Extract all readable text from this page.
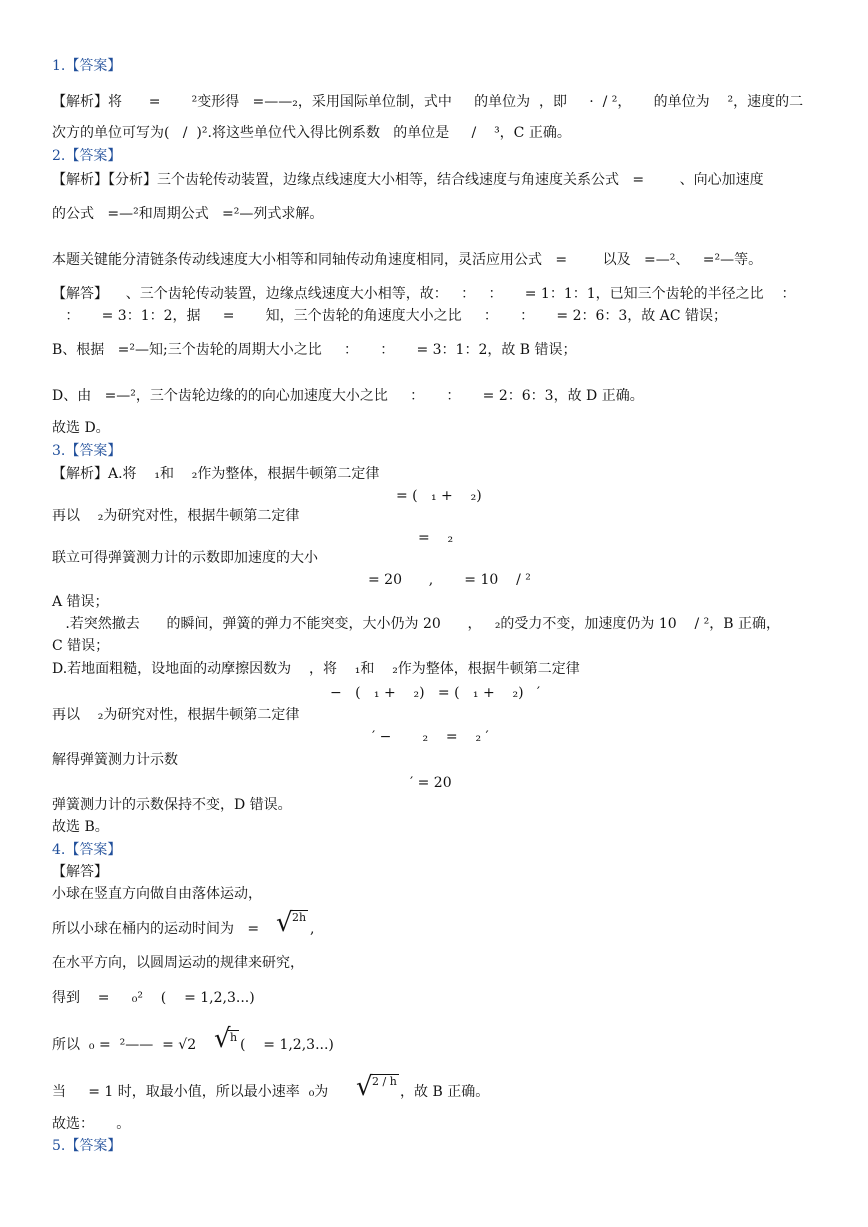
1.【答案】
【解析】将      =       ²变形得   =——₂，采用国际单位制，式中     的单位为  ，即     ·  / ²，     的单位为    ²，速度的二
次方的单位可写为(   /  )².将这些单位代入得比例系数   的单位是     /    ³，C 正确。
2.【答案】
【解析】【分析】三个齿轮传动装置，边缘点线速度大小相等，结合线速度与角速度关系公式   =        、向心加速度
的公式   =—²和周期公式   =²—列式求解。
本题关键能分清链条传动线速度大小相等和同轴传动角速度相同，灵活应用公式   =        以及   =—²、   =²—等。
【解答】    、三个齿轮传动装置，边缘点线速度大小相等，故：   ：   ：     = 1：1：1，已知三个齿轮的半径之比    ：
：     = 3：1：2，据     =       知，三个齿轮的角速度大小之比     ：     ：     = 2：6：3，故 AC 错误；
B、根据   =²—知;三个齿轮的周期大小之比     ：     ：     = 3：1：2，故 B 错误；
D、由   =—²，三个齿轮边缘的的向心加速度大小之比     ：     ：     = 2：6：3，故 D 正确。
故选 D。
3.【答案】
【解析】A.将    ₁和    ₂作为整体，根据牛顿第二定律
= (   ₁ +    ₂)
再以    ₂为研究对性，根据牛顿第二定律
=    ₂
联立可得弹簧测力计的示数即加速度的大小
= 20      ,       = 10    / ²
A 错误；
.若突然撤去      的瞬间，弹簧的弹力不能突变，大小仍为 20      ，   ₂的受力不变，加速度仍为 10    / ²，B 正确，
C 错误；
D.若地面粗糙，设地面的动摩擦因数为    ，将    ₁和    ₂作为整体，根据牛顿第二定律
−   (   ₁ +    ₂)   = (   ₁ +    ₂)   ′
再以    ₂为研究对性，根据牛顿第二定律
′ −       ₂    =    ₂ ′
解得弹簧测力计示数
′ = 20
弹簧测力计的示数保持不变，D 错误。
故选 B。
4.【答案】
【解答】
小球在竖直方向做自由落体运动，
所以小球在桶内的运动时间为   = √ 2h
,
在水平方向，以圆周运动的规律来研究，
得到    =     ₀²    (    = 1,2,3...)
所以  ₀ =  ²——  = √2 √ h (    = 1,2,3...)
当     = 1 时，取最小值，所以最小速率  ₀为 √ 2 / h
，故 B 正确。
故选：     。
5.【答案】
